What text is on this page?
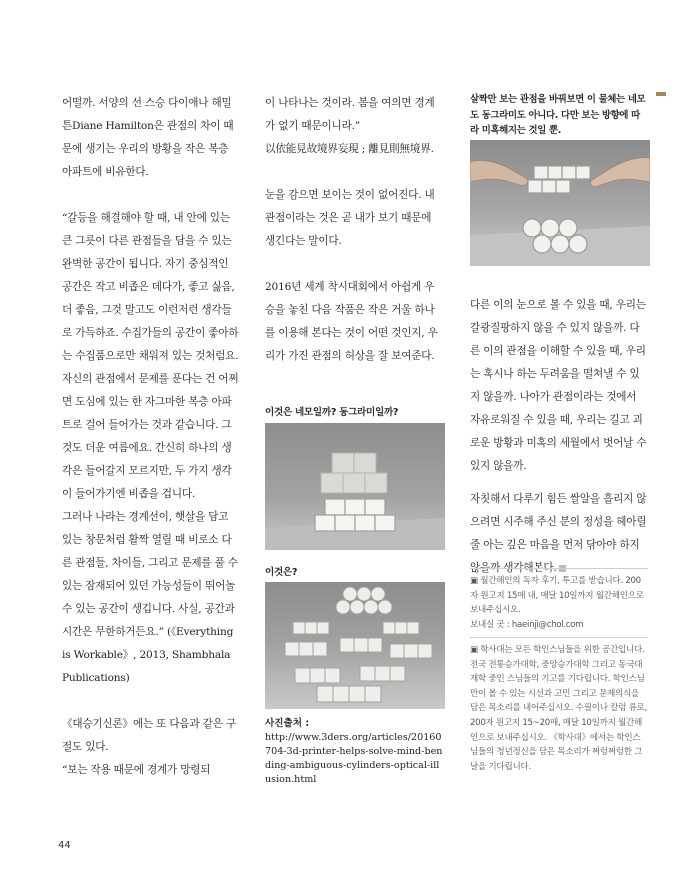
어떨까. 서양의 선 스승 다이애나 해밀튼Diane Hamilton은 관점의 차이 때문에 생기는 우리의 방황을 작은 복층 아파트에 비유한다.

“갈등을 해결해야 할 때, 내 안에 있는 큰 그릇이 다른 관점들을 담을 수 있는 완벽한 공간이 됩니다. 자기 중심적인 공간은 작고 비좁은 데다가, 좋고 싫음, 더 좋음, 그것 말고도 이런저런 생각들로 가득하죠. 수집가들의 공간이 좋아하는 수집품으로만 채워져 있는 것처럼요. 자신의 관점에서 문제를 푼다는 건 어쩌면 도심에 있는 한 자그마한 복층 아파트로 걸어 들어가는 것과 같습니다. 그것도 더운 여름에요. 간신히 하나의 생각은 들어갈지 모르지만, 두 가지 생각이 들어가기엔 비좁을 겁니다.

그러나 나라는 경계선이, 햇살을 담고 있는 창문처럼 활짝 열릴 때 비로소 다른 관점들, 차이들, 그리고 문제를 풀 수 있는 잠재되어 있던 가능성들이 뛰어놀 수 있는 공간이 생깁니다. 사실, 공간과 시간은 무한하거든요.” (《Everything is Workable》, 2013, Shambhala Publications)

《대승기신론》에는 또 다음과 같은 구절도 있다.

“보는 작용 때문에 경계가 망령되

이 나타나는 것이라. 봄을 여의면 경계가 없기 때문이니라.”

以依能見故境界妄現 ; 離見則無境界.

눈을 감으면 보이는 것이 없어진다. 내 관점이라는 것은 곧 내가 보기 때문에 생긴다는 말이다.

2016년 세계 착시대회에서 아쉽게 우승을 놓친 다음 작품은 작은 거울 하나를 이용해 본다는 것이 어떤 것인지, 우리가 가진 관점의 허상을 잘 보여준다.

이것은 네모일까? 동그라미일까?
이것은?
사진출처 :
http://www.3ders.org/articles/20160704-3d-printer-helps-solve-mind-bending-ambiguous-cylinders-optical-illusion.html

살짝만 보는 관점을 바꿔보면 이 물체는 네모도 동그라미도 아니다. 다만 보는 방향에 따라 미혹해지는 것일 뿐.

다른 이의 눈으로 볼 수 있을 때, 우리는 갈광질팡하지 않을 수 있지 않을까. 다른 이의 관점을 이해할 수 있을 때, 우리는 혹시나 하는 두려움을 떨쳐낼 수 있지 않을까. 나아가 관점이라는 것에서 자유로워질 수 있을 때, 우리는 길고 괴로운 방황과 미혹의 세월에서 벗어날 수 있지 않을까.

자칫해서 다루기 힘든 쌀알을 흘리지 않으려면 시주해 주신 분의 정성을 헤아릴 줄 아는 깊은 마음을 먼저 닦아야 하지 않을까 생각해본다.

▣ 월간해인의 독자 후기, 투고를 받습니다. 200자 원고지 15매 내, 매달 10일까지 월간해인으로 보내주십시오.
보내실 곳 : haeinji@chol.com
▣ 학사대는 모든 학인스님들을 위한 공간입니다. 전국 전통승가대학, 중앙승가대학 그리고 동국대 재학 중인 스님들의 기고를 기다립니다. 학인스님만이 볼 수 있는 시선과 고민 그리고 문제의식을 담은 목소리를 내어주십시오. 수필이나 칼럼 류로, 200자 원고지 15~20매, 매달 10일까지 월간해인으로 보내주십시오. 《학사대》에서는 학인스님들의 청년정신을 담은 목소리가 쩌렁쩌렁한 그날을 기다립니다.
44
